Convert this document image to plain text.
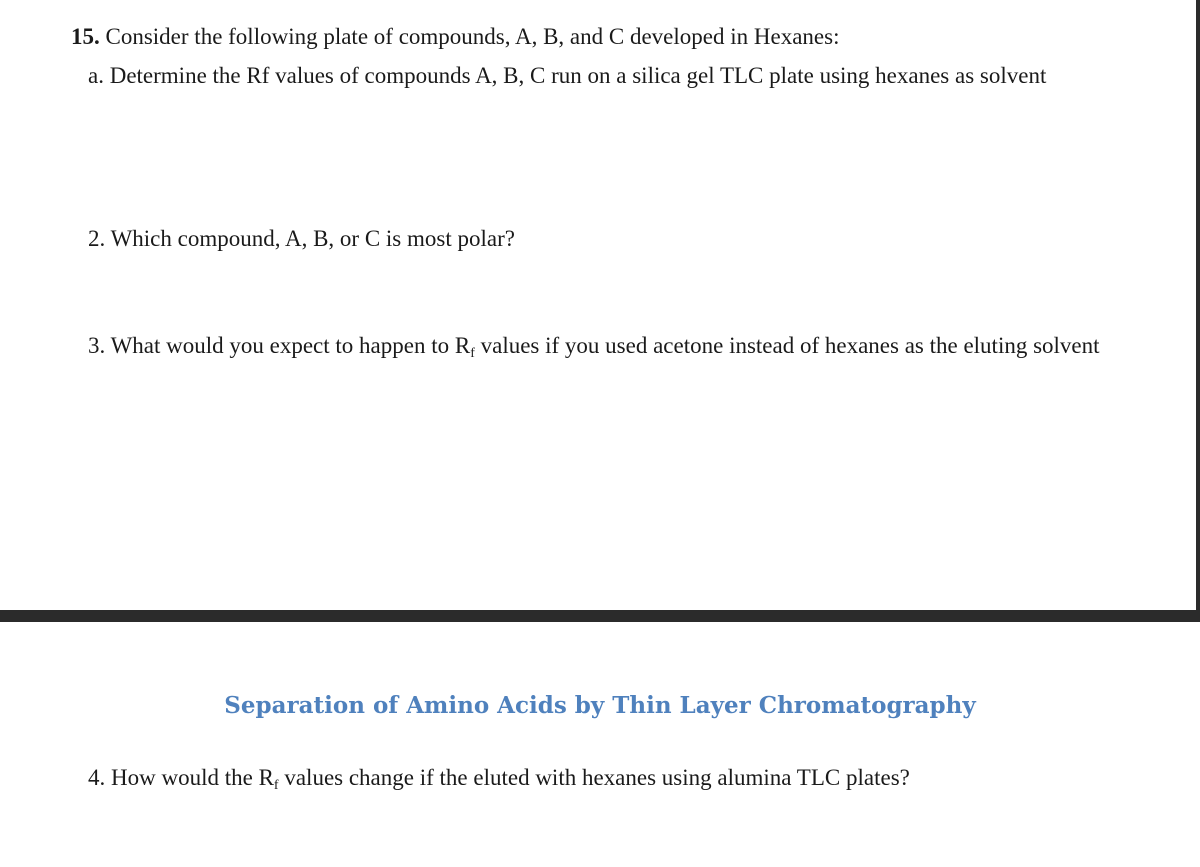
15. Consider the following plate of compounds, A, B, and C developed in Hexanes:
a. Determine the Rf values of compounds A, B, C run on a silica gel TLC plate using hexanes as solvent
2. Which compound, A, B, or C is most polar?
3. What would you expect to happen to $R_f$ values if you used acetone instead of hexanes as the eluting solvent
Separation of Amino Acids by Thin Layer Chromatography
4. How would the $R_f$ values change if the eluted with hexanes using alumina TLC plates?
